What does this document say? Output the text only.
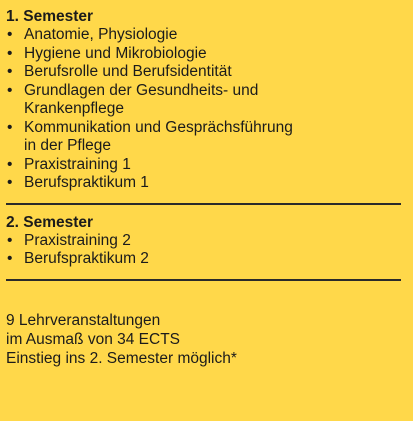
1. Semester
• Anatomie, Physiologie
• Hygiene und Mikrobiologie
• Berufsrolle und Berufsidentität
• Grundlagen der Gesundheits- und
Krankenpflege
• Kommunikation und Gesprächsführung
in der Pflege
• Praxistraining 1
• Berufspraktikum 1
2. Semester
• Praxistraining 2
• Berufspraktikum 2
9 Lehrveranstaltungen
im Ausmaß von 34 ECTS
Einstieg ins 2. Semester möglich*
